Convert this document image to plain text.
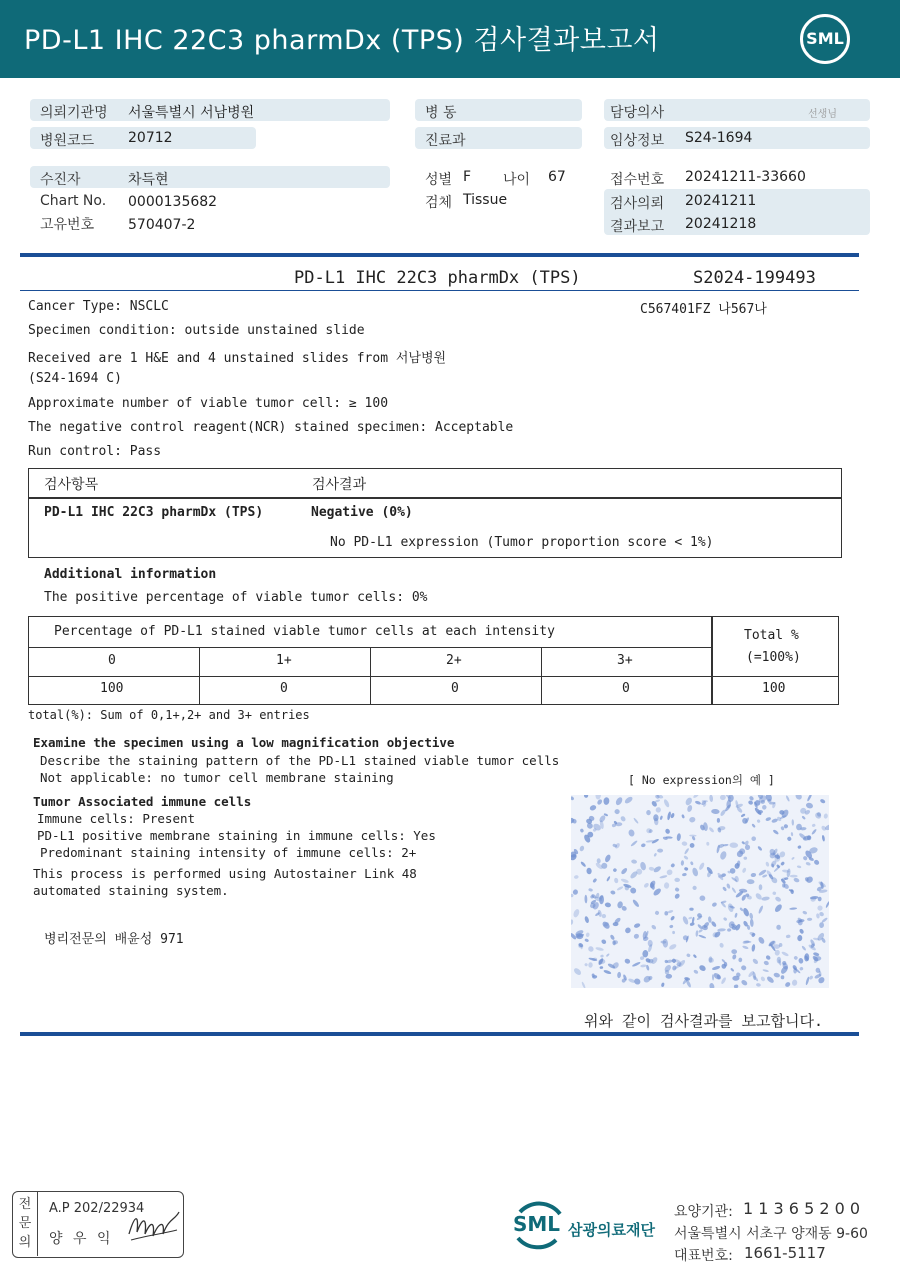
PD-L1 IHC 22C3 pharmDx (TPS) 검사결과보고서	SML
의뢰기관명 서울특별시 서남병원
병원코드 20712
병 동
진료과
담당의사	선생님
임상정보 S24-1694
수진자	차득현
Chart No. 0000135682
고유번호 570407-2
성별 F 나이 67
검체 Tissue
접수번호 20241211-33660
검사의뢰 20241211
결과보고 20241218
PD-L1 IHC 22C3 pharmDx (TPS)	S2024-199493
C567401FZ 나567나
Cancer Type: NSCLC
Specimen condition: outside unstained slide
Received are 1 H&E and 4 unstained slides from 서남병원
(S24-1694 C)
Approximate number of viable tumor cell: ≥ 100
The negative control reagent(NCR) stained specimen: Acceptable
Run control: Pass
검사항목	검사결과
PD-L1 IHC 22C3 pharmDx (TPS)	Negative (0%)
No PD-L1 expression (Tumor proportion score < 1%)
Additional information
The positive percentage of viable tumor cells: 0%
Percentage of PD-L1 stained viable tumor cells at each intensity	Total %
(=100%)
0	1+	2+	3+
100	0	0	0	100
total(%): Sum of 0,1+,2+ and 3+ entries
Examine the specimen using a low magnification objective
Describe the staining pattern of the PD-L1 stained viable tumor cells
Not applicable: no tumor cell membrane staining	[ No expression의 예 ]
Tumor Associated immune cells
Immune cells: Present
PD-L1 positive membrane staining in immune cells: Yes
Predominant staining intensity of immune cells: 2+
This process is performed using Autostainer Link 48
automated staining system.
병리전문의 배윤성 971
위와 같이 검사결과를 보고합니다.
전문의
A.P 202/22934
양 우 익
SML 삼광의료재단
요양기관: 1 1 3 6 5 2 0 0
서울특별시 서초구 양재동 9-60
대표번호: 1661-5117
